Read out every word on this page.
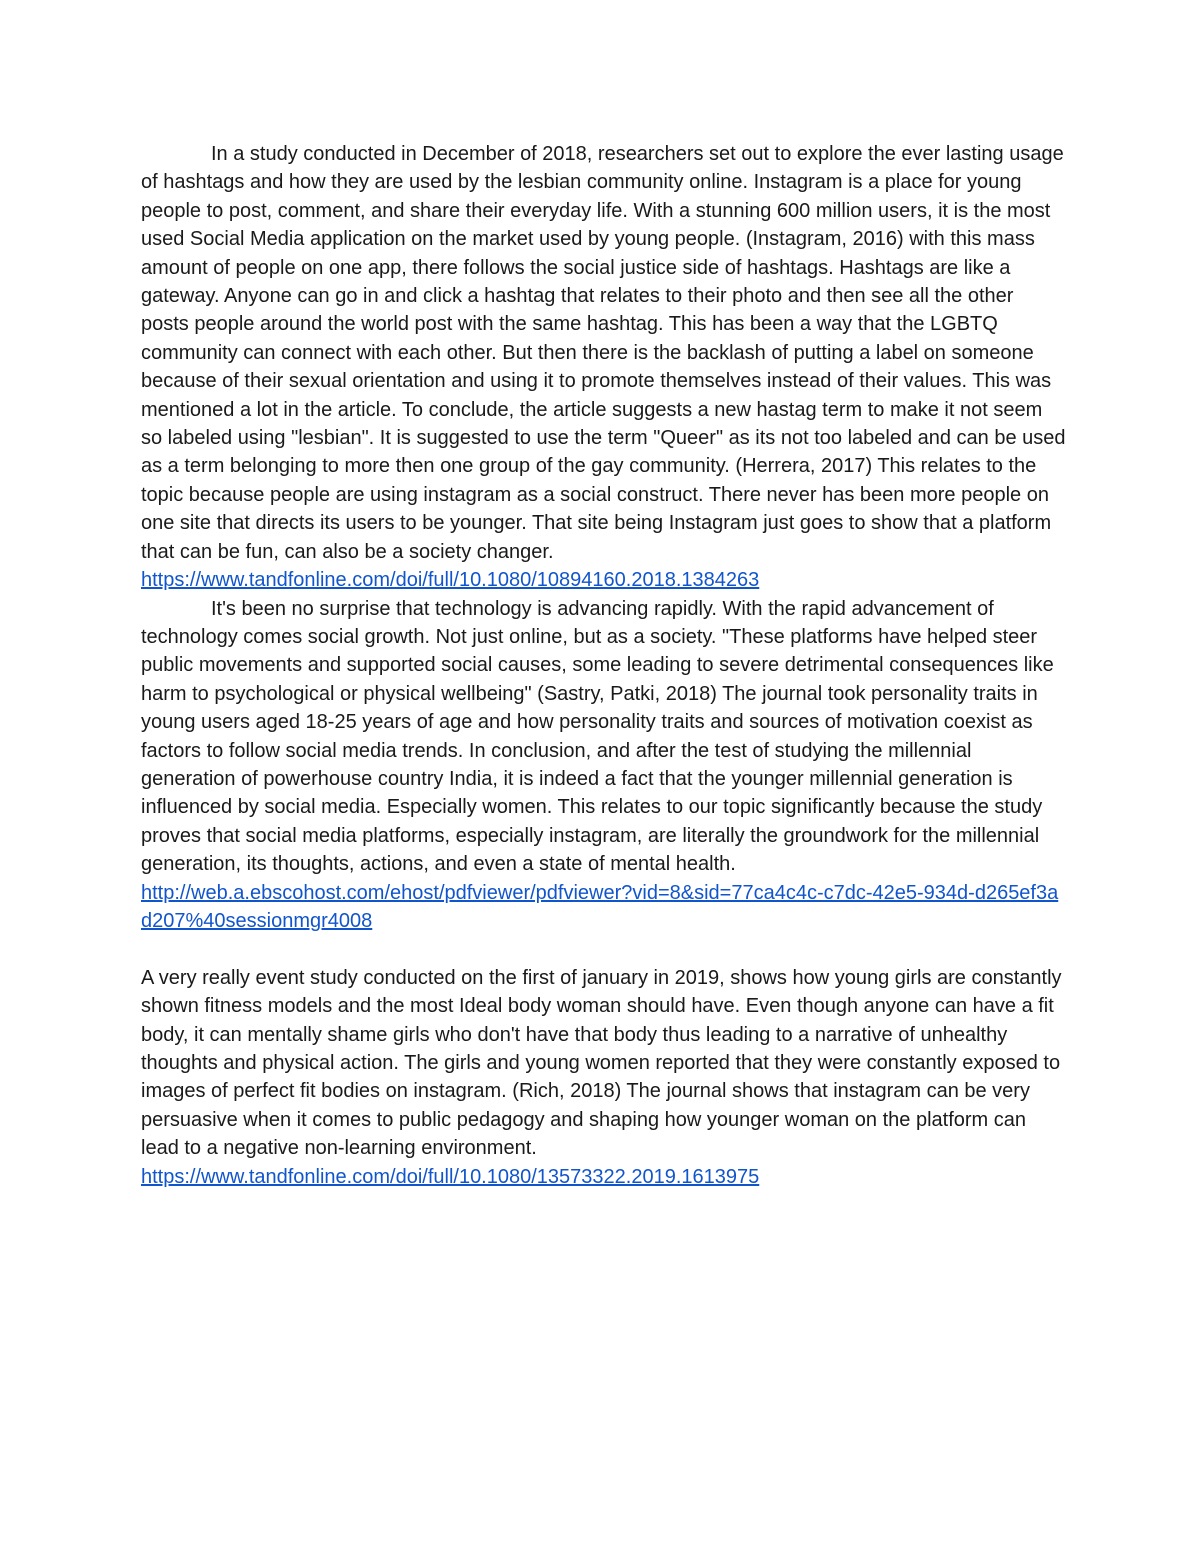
In a study conducted in December of 2018, researchers set out to explore the ever lasting usage of hashtags and how they are used by the lesbian community online. Instagram is a place for young people to post, comment, and share their everyday life. With a stunning 600 million users, it is the most used Social Media application on the market used by young people. (Instagram, 2016) with this mass amount of people on one app, there follows the social justice side of hashtags. Hashtags are like a gateway. Anyone can go in and click a hashtag that relates to their photo and then see all the other posts people around the world post with the same hashtag. This has been a way that the LGBTQ community can connect with each other. But then there is the backlash of putting a label on someone because of their sexual orientation and using it to promote themselves instead of their values. This was mentioned a lot in the article. To conclude, the article suggests a new hastag term to make it not seem so labeled using "lesbian". It is suggested to use the term "Queer" as its not too labeled and can be used as a term belonging to more then one group of the gay community. (Herrera, 2017) This relates to the topic because people are using instagram as a social construct. There never has been more people on one site that directs its users to be younger. That site being Instagram just goes to show that a platform that can be fun, can also be a society changer.

https://www.tandfonline.com/doi/full/10.1080/10894160.2018.1384263

It's been no surprise that technology is advancing rapidly. With the rapid advancement of technology comes social growth. Not just online, but as a society. "These platforms have helped steer public movements and supported social causes, some leading to severe detrimental consequences like harm to psychological or physical wellbeing" (Sastry, Patki, 2018) The journal took personality traits in young users aged 18-25 years of age and how personality traits and sources of motivation coexist as factors to follow social media trends. In conclusion, and after the test of studying the millennial generation of powerhouse country India, it is indeed a fact that the younger millennial generation is influenced by social media. Especially women. This relates to our topic significantly because the study proves that social media platforms, especially instagram, are literally the groundwork for the millennial generation, its thoughts, actions, and even a state of mental health.

http://web.a.ebscohost.com/ehost/pdfviewer/pdfviewer?vid=8&sid=77ca4c4c-c7dc-42e5-934d-d265ef3ad207%40sessionmgr4008

A very really event study conducted on the first of january in 2019, shows how young girls are constantly shown fitness models and the most Ideal body woman should have. Even though anyone can have a fit body, it can mentally shame girls who don't have that body thus leading to a narrative of unhealthy thoughts and physical action. The girls and young women reported that they were constantly exposed to images of perfect fit bodies on instagram. (Rich, 2018) The journal shows that instagram can be very persuasive when it comes to public pedagogy and shaping how younger woman on the platform can lead to a negative non-learning environment.

https://www.tandfonline.com/doi/full/10.1080/13573322.2019.1613975
